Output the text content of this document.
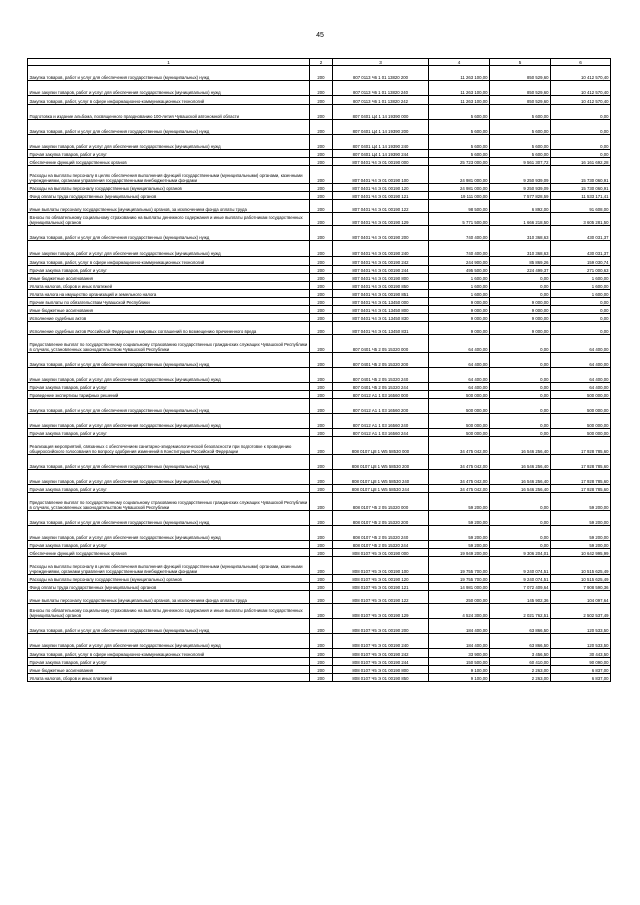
45
1	2	3	4	5	6
Закупка товаров, работ и услуг для обеспечения государственных (муниципальных) нужд	200	807 0113 Ч6 1 01 13820 200	11 263 100,00	850 529,60	10 412 570,40
Иные закупки товаров, работ и услуг для обеспечения государственных (муниципальных) нужд	200	807 0113 Ч6 1 01 13820 240	11 263 100,00	850 529,60	10 412 570,40
Закупка товаров, работ, услуг в сфере информационно-коммуникационных технологий	200	807 0113 Ч6 1 01 13820 242	11 263 100,00	850 529,60	10 412 570,40
Подготовка и издание альбома, посвященного празднованию 100-летия Чувашской автономной области	200	807 0401 Ц4 1 14 19390 000	5 600,00	5 600,00	0,00
Закупка товаров, работ и услуг для обеспечения государственных (муниципальных) нужд	200	807 0401 Ц4 1 14 19390 200	5 600,00	5 600,00	0,00
Иные закупки товаров, работ и услуг для обеспечения государственных (муниципальных) нужд	200	807 0401 Ц4 1 14 19390 240	5 600,00	5 600,00	0,00
Прочая закупка товаров, работ и услуг	200	807 0401 Ц4 1 14 19390 244	5 600,00	5 600,00	0,00
Обеспечение функций государственных органов	200	807 0401 Ч4 Э 01 00190 000	25 723 000,00	9 561 307,72	16 161 692,28
Расходы на выплаты персоналу в целях обеспечения выполнения функций государственными (муниципальными) органами, казенными учреждениями, органами управления государственными внебюджетными фондами	200	807 0401 Ч4 Э 01 00190 100	24 981 000,00	9 250 939,09	15 730 060,91
Расходы на выплаты персоналу государственных (муниципальных) органов	200	807 0401 Ч4 Э 01 00190 120	24 981 000,00	9 250 939,09	15 730 060,91
Фонд оплаты труда государственных (муниципальных) органов	200	807 0401 Ч4 Э 01 00190 121	19 111 000,00	7 577 828,59	11 533 171,41
Иные выплаты персоналу государственных (муниципальных) органов, за исключением фонда оплаты труда	200	807 0401 Ч4 Э 01 00190 122	98 500,00	6 892,00	91 608,00
Взносы по обязательному социальному страхованию на выплаты денежного содержания и иные выплаты работникам государственных (муниципальных) органов	200	807 0401 Ч4 Э 01 00190 129	5 771 500,00	1 666 218,50	3 605 281,50
Закупка товаров, работ и услуг для обеспечения государственных (муниципальных) нужд	200	807 0401 Ч4 Э 01 00190 200	740 400,00	310 368,63	430 031,37
Иные закупки товаров, работ и услуг для обеспечения государственных (муниципальных) нужд	200	807 0401 Ч4 Э 01 00190 240	740 400,00	310 368,63	430 031,37
Закупка товаров, работ, услуг в сфере информационно-коммуникационных технологий	200	807 0401 Ч4 Э 01 00190 242	244 900,00	85 869,26	159 030,74
Прочая закупка товаров, работ и услуг	200	807 0401 Ч4 Э 01 00190 244	495 500,00	224 499,37	271 000,63
Иные бюджетные ассигнования	200	807 0401 Ч4 Э 01 00190 800	1 600,00	0,00	1 600,00
Уплата налогов, сборов и иных платежей	200	807 0401 Ч4 Э 01 00190 850	1 600,00	0,00	1 600,00
Уплата налога на имущество организаций и земельного налога	200	807 0401 Ч4 Э 01 00190 851	1 600,00	0,00	1 600,00
Прочие выплаты по обязательствам Чувашской Республики	200	807 0401 Ч4 Э 01 13450 000	9 000,00	9 000,00	0,00
Иные бюджетные ассигнования	200	807 0401 Ч4 Э 01 13450 800	9 000,00	9 000,00	0,00
Исполнение судебных актов	200	807 0401 Ч4 Э 01 13450 830	9 000,00	9 000,00	0,00
Исполнение судебных актов Российской Федерации и мировых соглашений по возмещению причиненного вреда	200	807 0401 Ч4 Э 01 13450 831	9 000,00	9 000,00	0,00
Предоставление выплат по государственному социальному страхованию государственных гражданских служащих Чувашской Республики в случаях, установленных законодательством Чувашской Республики	200	807 0401 Ч5 2 05 15320 000	64 400,00	0,00	64 400,00
Закупка товаров, работ и услуг для обеспечения государственных (муниципальных) нужд	200	807 0401 Ч5 2 05 15320 200	64 400,00	0,00	64 400,00
Иные закупки товаров, работ и услуг для обеспечения государственных (муниципальных) нужд	200	807 0401 Ч5 2 05 15320 240	64 400,00	0,00	64 400,00
Прочая закупка товаров, работ и услуг	200	807 0401 Ч5 2 05 15320 244	64 400,00	0,00	64 400,00
Проведение экспертизы тарифных решений	200	807 0412 А1 1 03 16560 000	500 000,00	0,00	500 000,00
Закупка товаров, работ и услуг для обеспечения государственных (муниципальных) нужд	200	807 0412 А1 1 03 16560 200	500 000,00	0,00	500 000,00
Иные закупки товаров, работ и услуг для обеспечения государственных (муниципальных) нужд	200	807 0412 А1 1 03 16560 240	500 000,00	0,00	500 000,00
Прочая закупка товаров, работ и услуг	200	807 0412 А1 1 03 16560 244	500 000,00	0,00	500 000,00
Реализация мероприятий, связанных с обеспечением санитарно-эпидемиологической безопасности при подготовке к проведению общероссийского голосования по вопросу одобрения изменений в Конституцию Российской Федерации	200	808 0107 Ц8 1 W5 58530 000	34 475 042,00	16 546 256,40	17 928 785,60
Закупка товаров, работ и услуг для обеспечения государственных (муниципальных) нужд	200	808 0107 Ц8 1 W5 58530 200	34 475 042,00	16 546 256,40	17 928 785,60
Иные закупки товаров, работ и услуг для обеспечения государственных (муниципальных) нужд	200	808 0107 Ц8 1 W5 58530 240	34 475 042,00	16 546 256,40	17 928 785,60
Прочая закупка товаров, работ и услуг	200	808 0107 Ц8 1 W5 58530 244	34 475 042,00	16 546 256,40	17 928 785,60
Предоставление выплат по государственному социальному страхованию государственных гражданских служащих Чувашской Республики в случаях, установленных законодательством Чувашской Республики	200	808 0107 Ч5 2 05 15320 000	59 200,00	0,00	59 200,00
Закупка товаров, работ и услуг для обеспечения государственных (муниципальных) нужд	200	808 0107 Ч5 2 05 15320 200	59 200,00	0,00	59 200,00
Иные закупки товаров, работ и услуг для обеспечения государственных (муниципальных) нужд	200	808 0107 Ч5 2 05 15320 240	59 200,00	0,00	59 200,00
Прочая закупка товаров, работ и услуг	200	808 0107 Ч5 2 05 15320 244	59 200,00	0,00	59 200,00
Обеспечение функций государственных органов	200	808 0107 Ч5 Э 01 00190 000	19 949 200,00	9 306 204,01	10 642 995,99
Расходы на выплаты персоналу в целях обеспечения выполнения функций государственными (муниципальными) органами, казенными учреждениями, органами управления государственными внебюджетными фондами	200	808 0107 Ч5 Э 01 00190 100	19 755 700,00	9 240 074,51	10 515 625,49
Расходы на выплаты персоналу государственных (муниципальных) органов	200	808 0107 Ч5 Э 01 00190 120	19 755 700,00	9 240 074,51	10 515 625,49
Фонд оплаты труда государственных (муниципальных) органов	200	808 0107 Ч5 Э 01 00190 121	14 981 000,00	7 072 409,64	7 908 590,36
Иные выплаты персоналу государственных (муниципальных) органов, за исключением фонда оплаты труда	200	808 0107 Ч5 Э 01 00190 122	250 000,00	145 902,36	104 097,64
Взносы по обязательному социальному страхованию на выплаты денежного содержания и иные выплаты работникам государственных (муниципальных) органов	200	808 0107 Ч5 Э 01 00190 129	4 524 300,00	2 021 762,51	2 502 537,49
Закупка товаров, работ и услуг для обеспечения государственных (муниципальных) нужд	200	808 0107 Ч5 Э 01 00190 200	184 400,00	63 866,50	120 533,50
Иные закупки товаров, работ и услуг для обеспечения государственных (муниципальных) нужд	200	808 0107 Ч5 Э 01 00190 240	184 400,00	63 866,50	120 533,50
Закупка товаров, работ, услуг в сфере информационно-коммуникационных технологий	200	808 0107 Ч5 Э 01 00190 242	33 900,00	3 456,50	30 443,50
Прочая закупка товаров, работ и услуг	200	808 0107 Ч5 Э 01 00190 244	150 500,00	60 410,00	90 090,00
Иные бюджетные ассигнования	200	808 0107 Ч5 Э 01 00190 800	9 100,00	2 263,00	6 837,00
Уплата налогов, сборов и иных платежей	200	808 0107 Ч5 Э 01 00190 850	9 100,00	2 263,00	6 837,00
